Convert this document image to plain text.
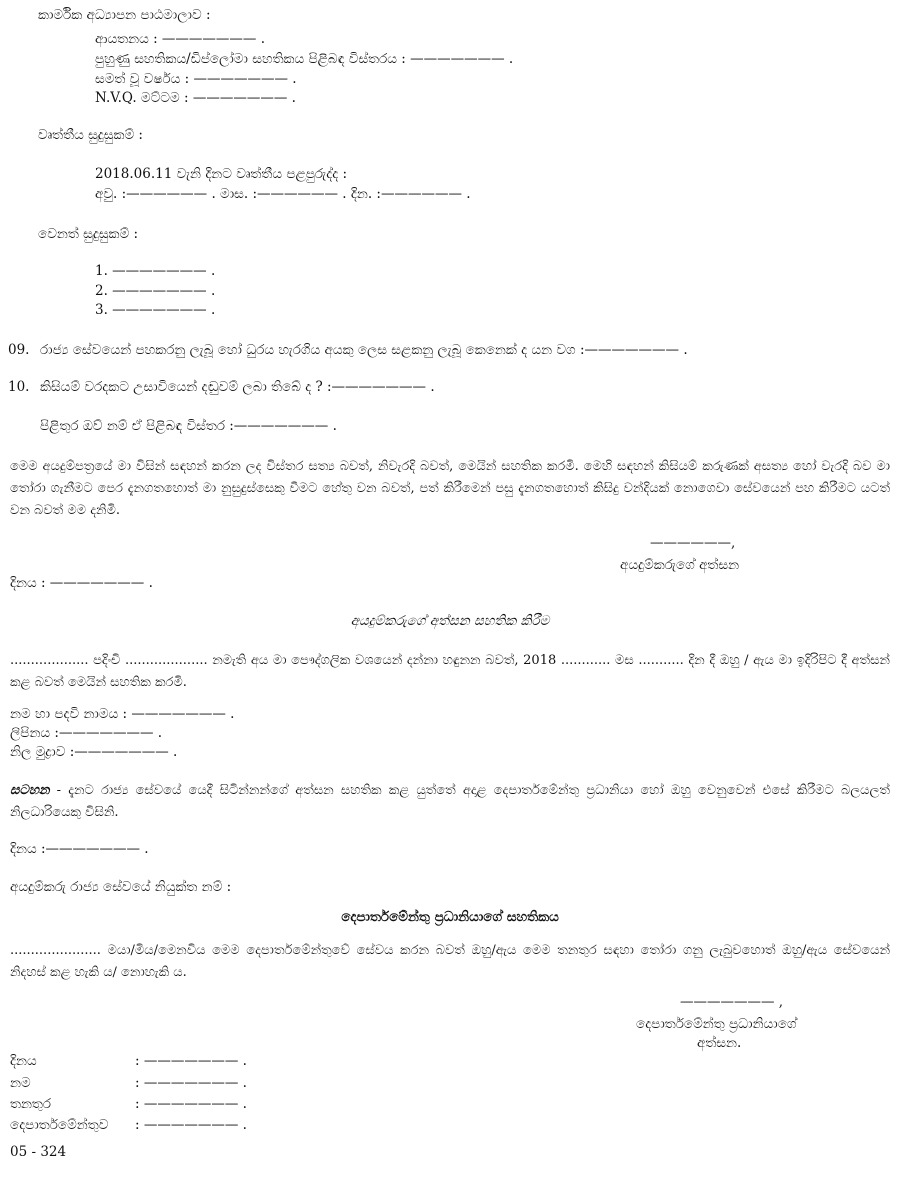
කාර්මික අධ්‍යාපන පාඨමාලාව :
ආයතනය : ——————— .
පුහුණු සහතිකය/ඩිප්ලෝමා සහතිකය පිළිබඳ විස්තරය : ——————— .
සමත් වූ වර්ෂය : ——————— .
N.V.Q. මට්ටම : ——————— .
වෘත්තීය සුදුසුකම් :
2018.06.11 වැනි දිනට වෘත්තීය පළපුරුද්ද :
අවු. :—————— . මාස. :—————— . දින. :—————— .
වෙනත් සුදුසුකම් :
1. ——————— .
2. ——————— .
3. ——————— .
09. රාජ්‍ය සේවයෙන් පහකරනු ලැබූ හෝ ධුරය හැරගිය අයකු ලෙස සළකනු ලැබූ කෙනෙක් ද යන වග :——————— .
10. කිසියම් වරදකට උසාවියෙන් දඬුවම් ලබා තිබේ ද ? :——————— .
පිළිතුර ඔව් නම් ඒ පිළිබඳ විස්තර :——————— .
මෙම අයදුම්පත්‍රයේ මා විසින් සඳහන් කරන ලද විස්තර සත්‍ය බවත්, නිවැරදි බවත්, මෙයින් සහතික කරමි. මෙහි සඳහන් කිසියම් කරුණක් අසත්‍ය හෝ වැරදි බව මා තෝරා ගැනීමට පෙර දැනගතහොත් මා නුසුදුස්සෙකු වීමට හේතු වන බවත්, පත් කිරීමෙන් පසු දැනගතහොත් කිසිදු වන්දියක් නොගෙවා සේවයෙන් පහ කිරීමට යටත් වන බවත් මම දනිමි.
——————,
අයදුම්කරුගේ අත්සන
දිනය : ——————— .
අයදුම්කරුගේ අත්සන සහතික කිරීම
................... පදිංචි .................... නමැති අය මා පෞද්ගලික වශයෙන් දන්නා හඳුනන බවත්, 2018 ............ මස ........... දින දී ඔහු / ඇය මා ඉදිරිපිට දී අත්සන් කළ බවත් මෙයින් සහතික කරමි.
නම හා පදවි නාමය : ——————— .
ලිපිනය :——————— .
නිල මුද්‍රාව :——————— .
සටහන - දැනට රාජ්‍ය සේවයේ යෙදී සිටින්නන්ගේ අත්සන සහතික කළ යුත්තේ අදාළ දෙපාර්තමේන්තු ප්‍රධානියා හෝ ඔහු වෙනුවෙන් එසේ කිරීමට බලයලත් නිලධාරියෙකු විසිනි.
දිනය :——————— .
අයදුම්කරු රාජ්‍ය සේවයේ නියුක්ත නම් :
දෙපාර්තමේන්තු ප්‍රධානියාගේ සහතිකය
...................... මයා/මිය/මෙනවිය මෙම දෙපාර්තමේන්තුවේ සේවය කරන බවත් ඔහු/ඇය මෙම තනතුර සඳහා තෝරා ගනු ලැබුවහොත් ඔහු/ඇය සේවයෙන් නිදහස් කළ හැකි ය/ නොහැකි ය.
——————— ,
දෙපාර්තමේන්තු ප්‍රධානියාගේ
අත්සන.
දිනය	: ——————— .
නම	: ——————— .
තනතුර	: ——————— .
දෙපාර්තමේන්තුව : ——————— .
05 - 324
